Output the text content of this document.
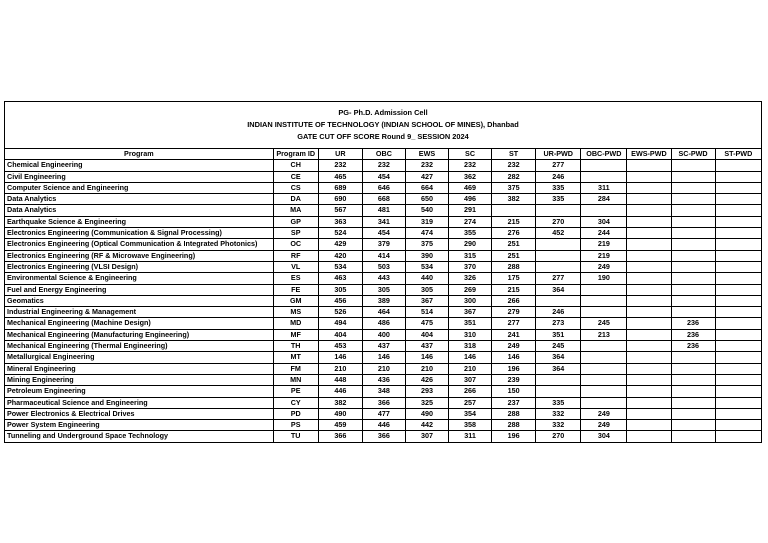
PG- Ph.D. Admission Cell
INDIAN INSTITUTE OF TECHNOLOGY (INDIAN SCHOOL OF MINES), Dhanbad
GATE CUT OFF SCORE Round 9_ SESSION 2024											

Program	Program ID	UR	OBC	EWS	SC	ST	UR-PWD	OBC-PWD	EWS-PWD	SC-PWD	ST-PWD
Chemical Engineering	CH	232	232	232	232	232	277				
Civil Engineering	CE	465	454	427	362	282	246				
Computer Science and Engineering	CS	689	646	664	469	375	335	311			
Data Analytics	DA	690	668	650	496	382	335	284			
Data Analytics	MA	567	481	540	291						
Earthquake Science & Engineering	GP	363	341	319	274	215	270	304			
Electronics Engineering (Communication & Signal Processing)	SP	524	454	474	355	276	452	244			
Electronics Engineering (Optical Communication & Integrated Photonics)	OC	429	379	375	290	251		219			
Electronics Engineering (RF & Microwave Engineering)	RF	420	414	390	315	251		219			
Electronics Engineering (VLSI Design)	VL	534	503	534	370	288		249			
Environmental Science & Engineering	ES	463	443	440	326	175	277	190			
Fuel and Energy Engineering	FE	305	305	305	269	215	364				
Geomatics	GM	456	389	367	300	266					
Industrial Engineering & Management	MS	526	464	514	367	279	246				
Mechanical Engineering (Machine Design)	MD	494	486	475	351	277	273	245		236	
Mechanical Engineering (Manufacturing Engineering)	MF	404	400	404	310	241	351	213		236	
Mechanical Engineering (Thermal Engineering)	TH	453	437	437	318	249	245			236	
Metallurgical Engineering	MT	146	146	146	146	146	364				
Mineral Engineering	FM	210	210	210	210	196	364				
Mining Engineering	MN	448	436	426	307	239					
Petroleum Engineering	PE	446	348	293	266	150					
Pharmaceutical Science and Engineering	CY	382	366	325	257	237	335				
Power Electronics & Electrical Drives	PD	490	477	490	354	288	332	249			
Power System Engineering	PS	459	446	442	358	288	332	249			
Tunneling and Underground Space Technology	TU	366	366	307	311	196	270	304			
